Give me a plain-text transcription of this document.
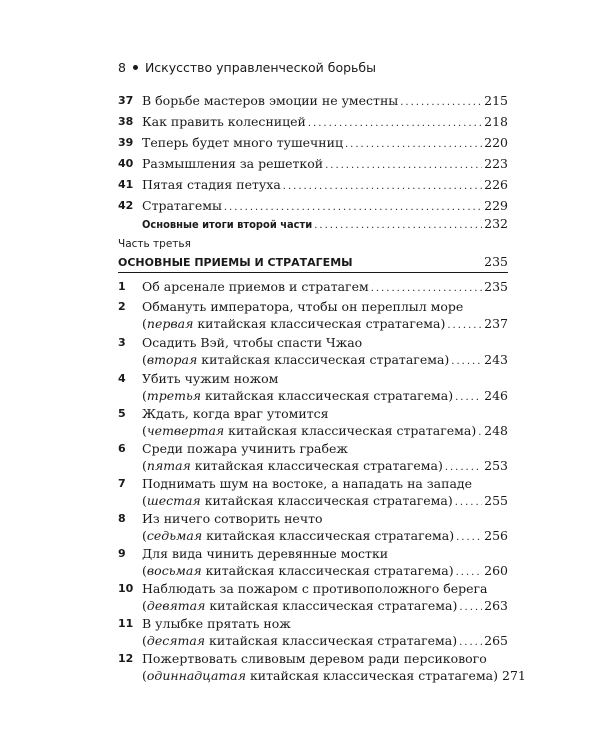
8 Искусство управленческой борьбы
37 В борьбе мастеров эмоции не уместны .....	215
38 Как править колесницей .....	218
39 Теперь будет много тушечниц .....	220
40 Размышления за решеткой .....	223
41 Пятая стадия петуха .....	226
42 Стратагемы .....	229
Основные итоги второй части .....	232
Часть третья
ОСНОВНЫЕ ПРИЕМЫ И СТРАТАГЕМЫ	235
1 Об арсенале приемов и стратагем .....	235
2 Обмануть императора, чтобы он переплыл море
(первая китайская классическая стратагема) .....	237
3 Осадить Вэй, чтобы спасти Чжао
(вторая китайская классическая стратагема) .....	243
4 Убить чужим ножом
(третья китайская классическая стратагема) ..... 246
5 Ждать, когда враг утомится
(четвертая китайская классическая стратагема) ..... 248
6 Среди пожара учинить грабеж
(пятая китайская классическая стратагема) .....	253
7 Поднимать шум на востоке, а нападать на западе
(шестая китайская классическая стратагема) .....	255
8 Из ничего сотворить нечто
(седьмая китайская классическая стратагема) ..... 256
9 Для вида чинить деревянные мостки
(восьмая китайская классическая стратагема) ..... 260
10 Наблюдать за пожаром с противоположного берега
(девятая китайская классическая стратагема) ..... 263
11 В улыбке прятать нож
(десятая китайская классическая стратагема) ..... 265
12 Пожертвовать сливовым деревом ради персикового
(одиннадцатая китайская классическая стратагема) 271
